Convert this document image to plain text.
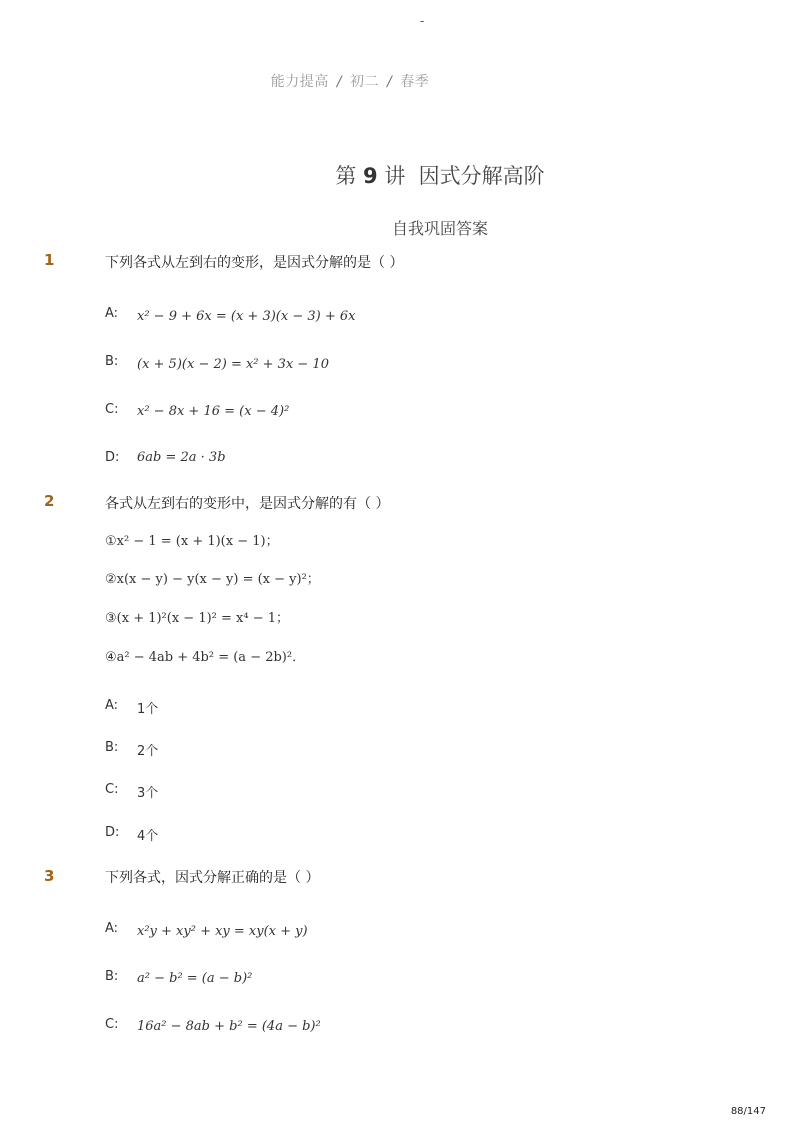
-
能力提高 / 初二 / 春季
第 9 讲 因式分解高阶
自我巩固答案
1	下列各式从左到右的变形，是因式分解的是（ ）
A: x² − 9 + 6x = (x + 3)(x − 3) + 6x
B: (x + 5)(x − 2) = x² + 3x − 10
C: x² − 8x + 16 = (x − 4)²
D: 6ab = 2a · 3b
2	各式从左到右的变形中，是因式分解的有（ ）
①x² − 1 = (x + 1)(x − 1)；
②x(x − y) − y(x − y) = (x − y)²；
③(x + 1)²(x − 1)² = x⁴ − 1；
④a² − 4ab + 4b² = (a − 2b)²．
A: 1个
B: 2个
C: 3个
D: 4个
3	下列各式，因式分解正确的是（ ）
A: x²y + xy² + xy = xy(x + y)
B: a² − b² = (a − b)²
C: 16a² − 8ab + b² = (4a − b)²
88/147
